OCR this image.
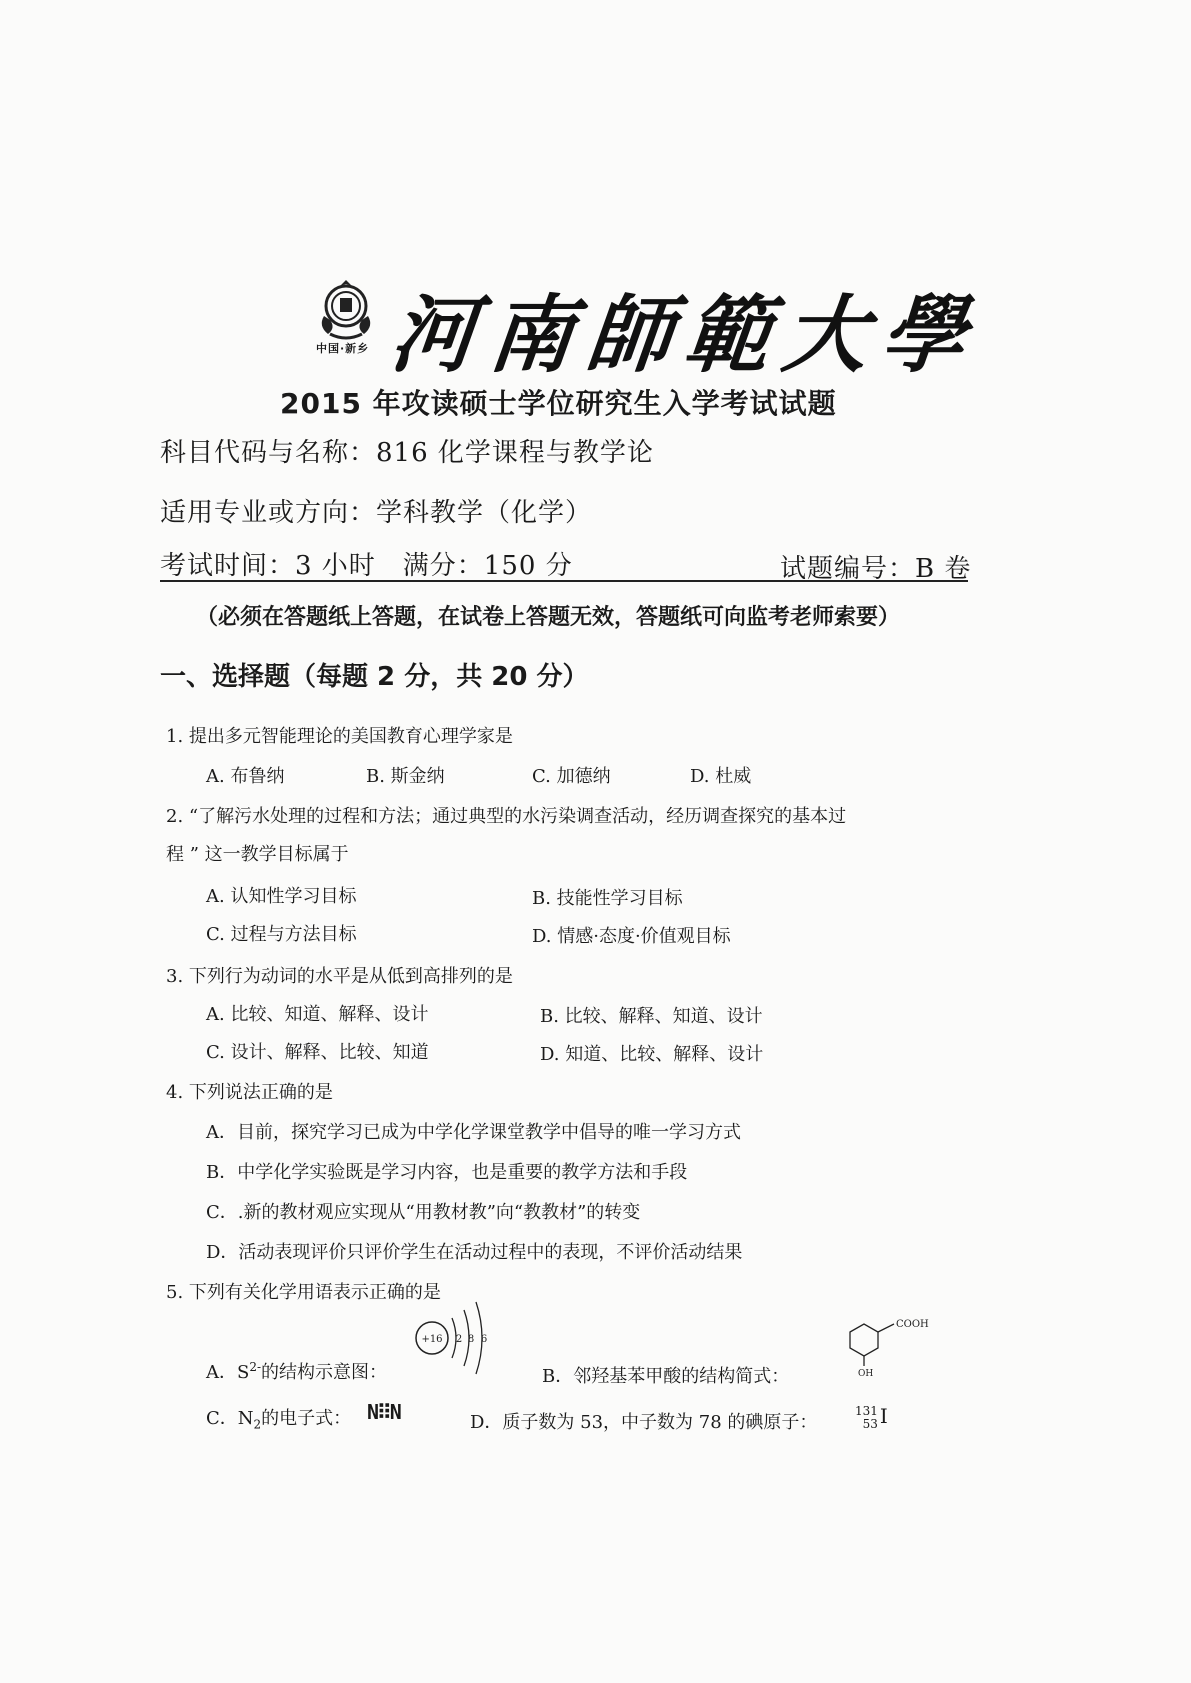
中国·新乡 河南師範大學
2015 年攻读硕士学位研究生入学考试试题
科目代码与名称：816 化学课程与教学论
适用专业或方向：学科教学（化学）
考试时间：3 小时　满分：150 分	试题编号：B 卷
（必须在答题纸上答题，在试卷上答题无效，答题纸可向监考老师索要）
一、选择题（每题 2 分，共 20 分）
1. 提出多元智能理论的美国教育心理学家是
A. 布鲁纳	B. 斯金纳	C. 加德纳	D. 杜威
2. “了解污水处理的过程和方法；通过典型的水污染调查活动，经历调查探究的基本过
程 ” 这一教学目标属于
A. 认知性学习目标	B. 技能性学习目标
C. 过程与方法目标	D. 情感·态度·价值观目标
3. 下列行为动词的水平是从低到高排列的是
A. 比较、知道、解释、设计	B. 比较、解释、知道、设计
C. 设计、解释、比较、知道	D. 知道、比较、解释、设计
4. 下列说法正确的是
A．目前，探究学习已成为中学化学课堂教学中倡导的唯一学习方式
B．中学化学实验既是学习内容，也是重要的教学方法和手段
C．.新的教材观应实现从“用教材教”向“教教材”的转变
D．活动表现评价只评价学生在活动过程中的表现，不评价活动结果
5. 下列有关化学用语表示正确的是
A．$S^{2-}$的结构示意图：
+16 2 8 6
B．邻羟基苯甲酸的结构简式：
COOH
OH
C．$N_2$的电子式： N⠿N	D．质子数为 53，中子数为 78 的碘原子：
131
53 I
